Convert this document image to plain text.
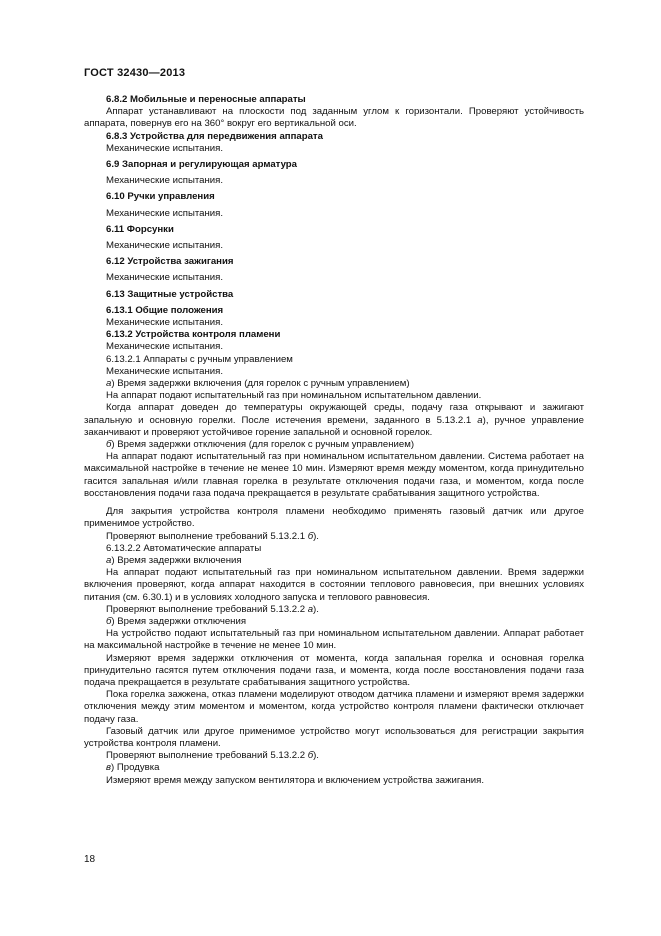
ГОСТ 32430—2013

6.8.2 Мобильные и переносные аппараты

Аппарат устанавливают на плоскости под заданным углом к горизонтали. Проверяют устойчивость аппарата, повернув его на 360° вокруг его вертикальной оси.

6.8.3 Устройства для передвижения аппарата

Механические испытания.

6.9 Запорная и регулирующая арматура

Механические испытания.

6.10 Ручки управления

Механические испытания.

6.11 Форсунки

Механические испытания.

6.12 Устройства зажигания

Механические испытания.

6.13 Защитные устройства

6.13.1 Общие положения

Механические испытания.

6.13.2 Устройства контроля пламени

Механические испытания.

6.13.2.1 Аппараты с ручным управлением

Механические испытания.

а) Время задержки включения (для горелок с ручным управлением)

На аппарат подают испытательный газ при номинальном испытательном давлении.

Когда аппарат доведен до температуры окружающей среды, подачу газа открывают и зажигают запальную и основную горелки. После истечения времени, заданного в 5.13.2.1 а), ручное управление заканчивают и проверяют устойчивое горение запальной и основной горелок.

б) Время задержки отключения (для горелок с ручным управлением)

На аппарат подают испытательный газ при номинальном испытательном давлении. Система работает на максимальной настройке в течение не менее 10 мин. Измеряют время между моментом, когда принудительно гасится запальная и/или главная горелка в результате отключения подачи газа, и моментом, когда после восстановления подачи газа подача прекращается в результате срабатывания защитного устройства.

Для закрытия устройства контроля пламени необходимо применять газовый датчик или другое применимое устройство.

Проверяют выполнение требований 5.13.2.1 б).

6.13.2.2 Автоматические аппараты

а) Время задержки включения

На аппарат подают испытательный газ при номинальном испытательном давлении. Время задержки включения проверяют, когда аппарат находится в состоянии теплового равновесия, при внешних условиях питания (см. 6.30.1) и в условиях холодного запуска и теплового равновесия.

Проверяют выполнение требований 5.13.2.2 а).

б) Время задержки отключения

На устройство подают испытательный газ при номинальном испытательном давлении. Аппарат работает на максимальной настройке в течение не менее 10 мин.

Измеряют время задержки отключения от момента, когда запальная горелка и основная горелка принудительно гасятся путем отключения подачи газа, и момента, когда после восстановления подачи газа подача прекращается в результате срабатывания защитного устройства.

Пока горелка зажжена, отказ пламени моделируют отводом датчика пламени и измеряют время задержки отключения между этим моментом и моментом, когда устройство контроля пламени фактически отключает подачу газа.

Газовый датчик или другое применимое устройство могут использоваться для регистрации закрытия устройства контроля пламени.

Проверяют выполнение требований 5.13.2.2 б).

в) Продувка

Измеряют время между запуском вентилятора и включением устройства зажигания.

18
